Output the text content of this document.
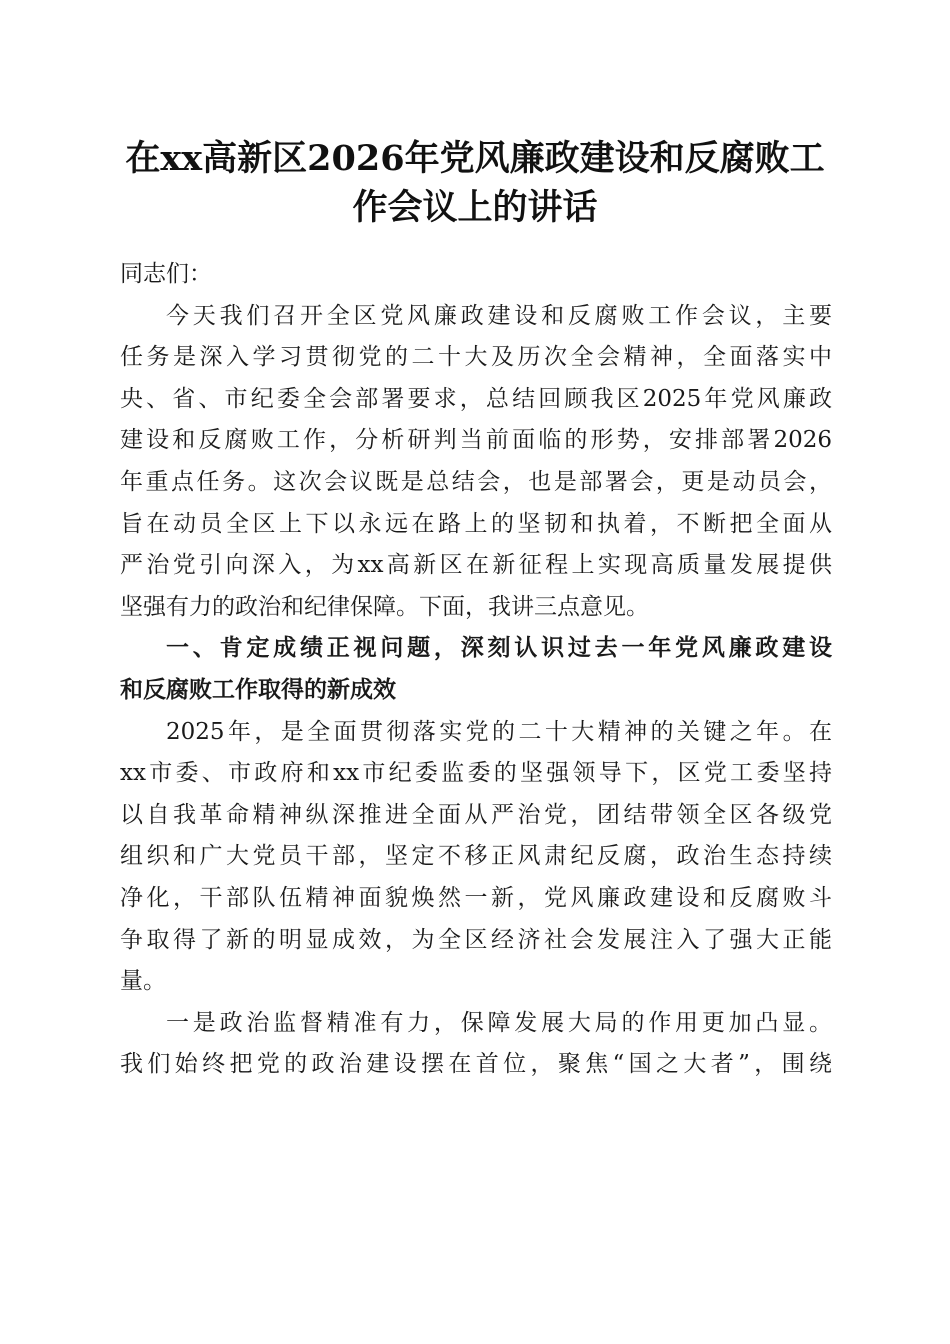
在xx高新区2026年党风廉政建设和反腐败工
作会议上的讲话

同志们：

今天我们召开全区党风廉政建设和反腐败工作会议，主要
任务是深入学习贯彻党的二十大及历次全会精神，全面落实中
央、省、市纪委全会部署要求，总结回顾我区2025年党风廉政
建设和反腐败工作，分析研判当前面临的形势，安排部署2026
年重点任务。这次会议既是总结会，也是部署会，更是动员会，
旨在动员全区上下以永远在路上的坚韧和执着，不断把全面从
严治党引向深入，为xx高新区在新征程上实现高质量发展提供
坚强有力的政治和纪律保障。下面，我讲三点意见。

一、肯定成绩正视问题，深刻认识过去一年党风廉政建设
和反腐败工作取得的新成效

2025年，是全面贯彻落实党的二十大精神的关键之年。在
xx市委、市政府和xx市纪委监委的坚强领导下，区党工委坚持
以自我革命精神纵深推进全面从严治党，团结带领全区各级党
组织和广大党员干部，坚定不移正风肃纪反腐，政治生态持续
净化，干部队伍精神面貌焕然一新，党风廉政建设和反腐败斗
争取得了新的明显成效，为全区经济社会发展注入了强大正能
量。

一是政治监督精准有力，保障发展大局的作用更加凸显。
我们始终把党的政治建设摆在首位，聚焦“国之大者”，围绕
